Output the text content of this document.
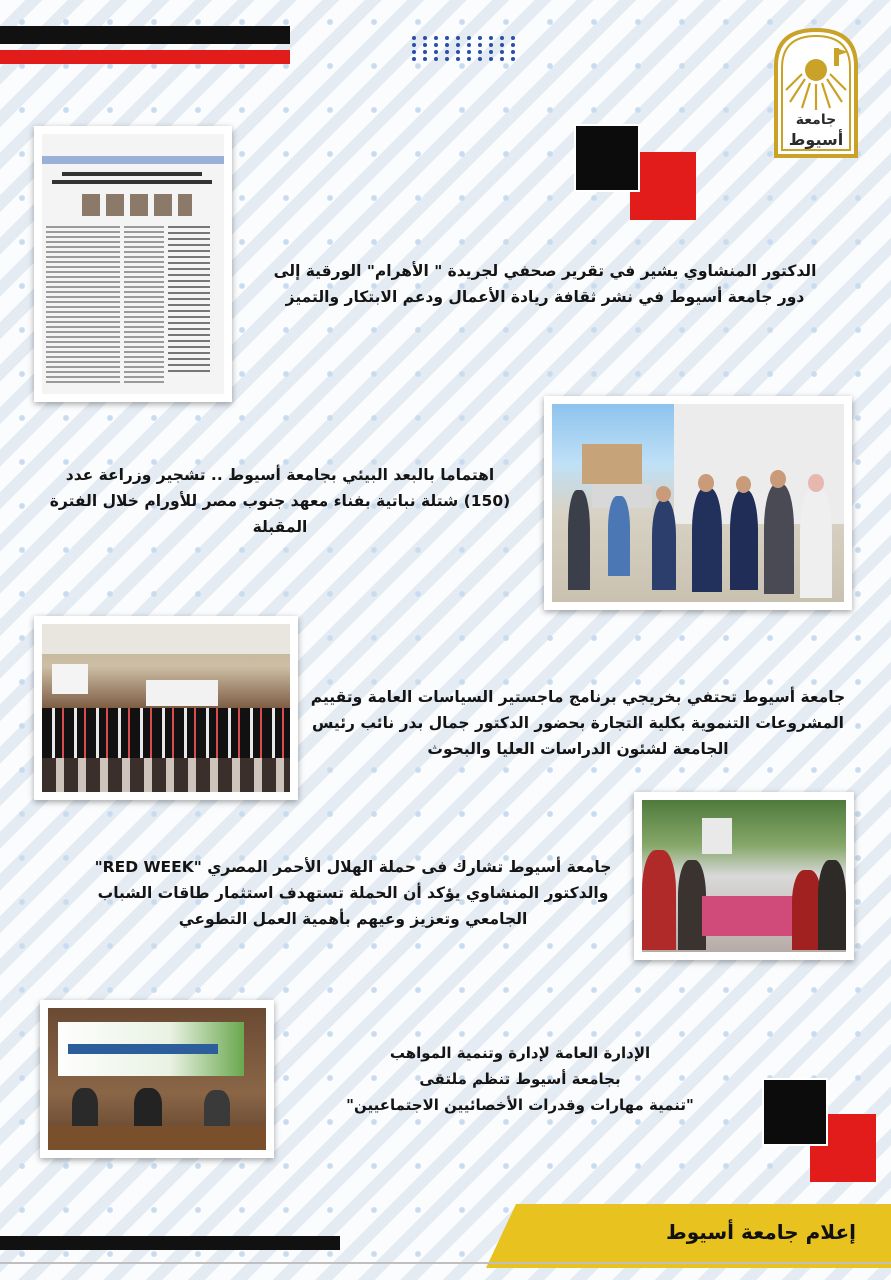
جامعة
أسيوط
الدكتور المنشاوي يشير في تقرير صحفي لجريدة " الأهرام" الورقية إلى دور جامعة أسيوط في نشر ثقافة ريادة الأعمال ودعم الابتكار والتميز
اهتماما بالبعد البيئي بجامعة أسيوط .. تشجير وزراعة عدد (150) شتلة نباتية بفناء معهد جنوب مصر للأورام خلال الفترة المقبلة
جامعة أسيوط تحتفي بخريجي برنامج ماجستير السياسات العامة وتقييم المشروعات التنموية بكلية التجارة بحضور الدكتور جمال بدر نائب رئيس الجامعة لشئون الدراسات العليا والبحوث
جامعة أسيوط تشارك فى حملة الهلال الأحمر المصري "RED WEEK" والدكتور المنشاوي يؤكد أن الحملة تستهدف استثمار طاقات الشباب الجامعي وتعزيز وعيهم بأهمية العمل التطوعي
الإدارة العامة لإدارة وتنمية المواهب
بجامعة أسيوط تنظم ملتقى
"تنمية مهارات وقدرات الأخصائيين الاجتماعيين"
إعلام جامعة أسيوط
